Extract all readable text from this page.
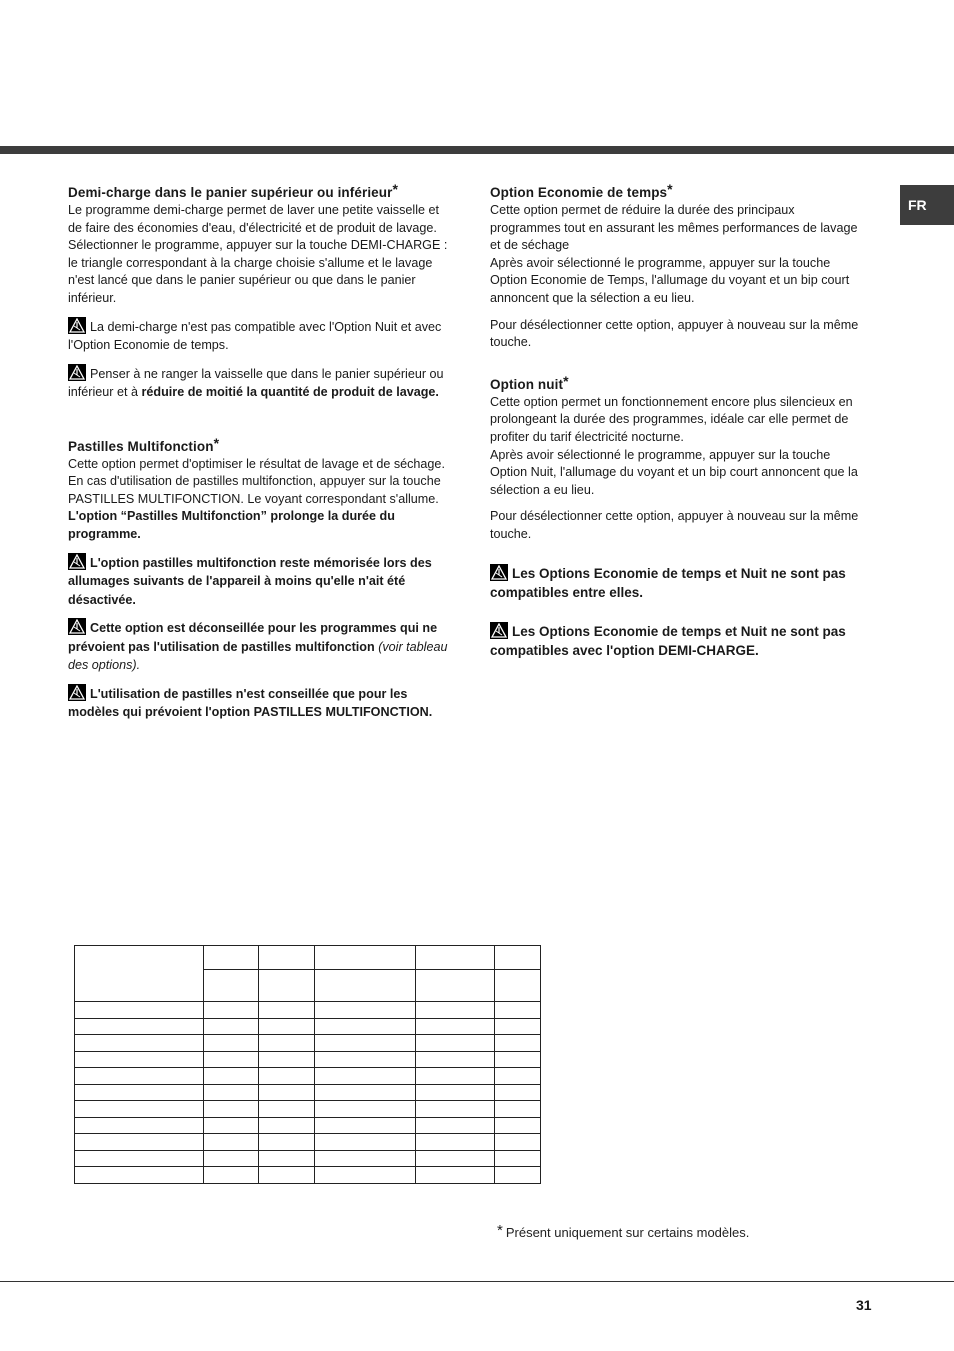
FR
Demi-charge dans le panier supérieur ou inférieur*

Le programme demi-charge permet de laver une petite vaisselle et de faire des économies d'eau, d'électricité et de produit de lavage. Sélectionner le programme, appuyer sur la touche DEMI-CHARGE : le triangle correspondant à la charge choisie s'allume et le lavage n'est lancé que dans le panier supérieur ou que dans le panier inférieur.

La demi-charge n'est pas compatible avec l'Option Nuit et avec l'Option Economie de temps.

Penser à ne ranger la vaisselle que dans le panier supérieur ou inférieur et à réduire de moitié la quantité de produit de lavage.

Pastilles Multifonction*

Cette option permet d'optimiser le résultat de lavage et de séchage.

En cas d'utilisation de pastilles multifonction, appuyer sur la touche PASTILLES MULTIFONCTION. Le voyant correspondant s'allume.  L'option “Pastilles Multifonction” prolonge la durée du programme.

L'option pastilles multifonction reste mémorisée lors des allumages suivants de l'appareil à moins qu'elle n'ait été désactivée.

Cette option est déconseillée pour les programmes qui ne prévoient pas l'utilisation de pastilles multifonction (voir tableau des options).

L'utilisation de pastilles n'est conseillée que pour les modèles qui prévoient l'option PASTILLES MULTIFONCTION.

Option Economie de temps*

Cette option permet de réduire la durée des principaux programmes tout en assurant les mêmes performances de lavage et de séchage

Après avoir sélectionné le programme, appuyer sur la touche Option Economie de Temps, l'allumage du voyant et un bip court annoncent que la sélection a eu lieu.

Pour désélectionner cette option, appuyer à nouveau sur la même touche.

Option nuit*

Cette option permet un fonctionnement encore plus silencieux en prolongeant la durée des programmes, idéale car elle permet de profiter du tarif électricité nocturne.

Après avoir sélectionné le programme, appuyer sur la touche Option Nuit, l'allumage du voyant et un bip court annoncent que la sélection a eu lieu.

Pour désélectionner cette option, appuyer à nouveau sur la même touche.

Les Options Economie de temps et Nuit ne sont pas compatibles entre elles.

Les Options Economie de temps et Nuit ne sont pas compatibles avec l'option DEMI-CHARGE.

* Présent uniquement sur certains modèles.
31
